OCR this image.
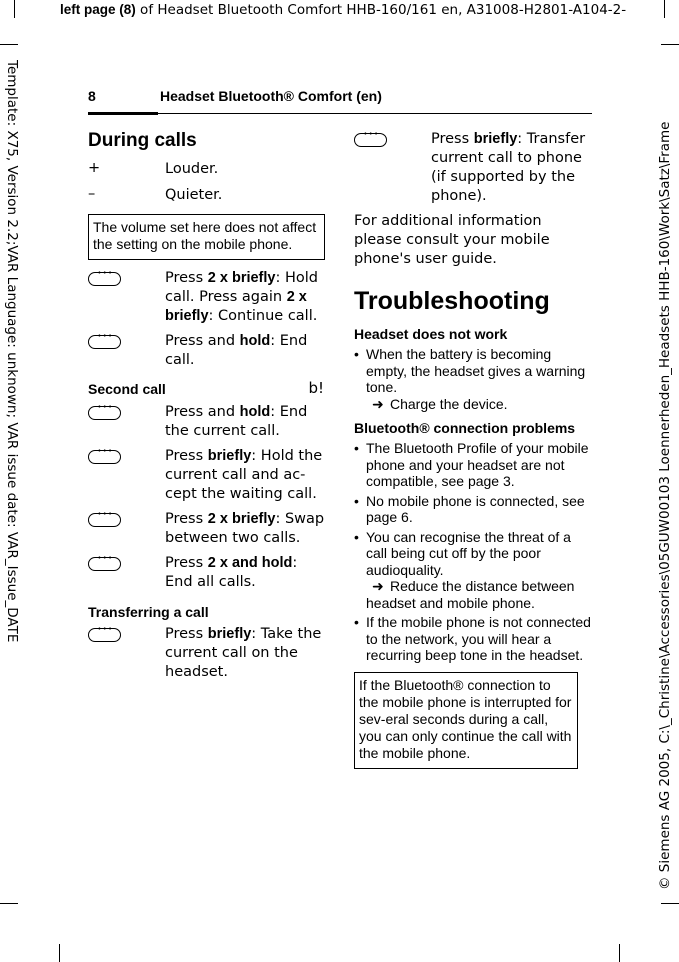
left page (8) of Headset Bluetooth Comfort HHB-160/161 en, A31008-H2801-A104-2-
Template: X75, Version 2.2;VAR Language: unknown; VAR issue date: VAR_Issue_DATE	© Siemens AG 2005, C:\_Christine\Accessories\05GUW00103 Loennerheden_Headsets HHB-160\Work\Satz\Frame
8	Headset Bluetooth® Comfort (en)
During calls
+	Louder.
–	Quieter.
The volume set here does not affect the setting on the mobile phone.
• • •
Press 2 x briefly: Hold call. Press again 2 x briefly: Continue call.
• • •
Press and hold: End call.
Second call	b!
• • •
Press and hold: End the current call.
• • •
Press briefly: Hold the current call and ac-cept the waiting call.
• • •
Press 2 x briefly: Swap between two calls.
• • •
Press 2 x and hold: End all calls.
Transferring a call
• • •
Press briefly: Take the current call on the headset.
• • •
Press briefly: Transfer current call to phone (if supported by the phone).
For additional information please consult your mobile phone's user guide.
Troubleshooting
Headset does not work
• When the battery is becoming empty, the headset gives a warning tone.
➜ Charge the device.
Bluetooth® connection problems
• The Bluetooth Profile of your mobile phone and your headset are not compatible, see page 3.
• No mobile phone is connected, see page 6.
• You can recognise the threat of a call being cut off by the poor audioquality.
➜ Reduce the distance between headset and mobile phone.
• If the mobile phone is not connected to the network, you will hear a recurring beep tone in the headset.
If the Bluetooth® connection to the mobile phone is interrupted for sev-eral seconds during a call, you can only continue the call with the mobile phone.
